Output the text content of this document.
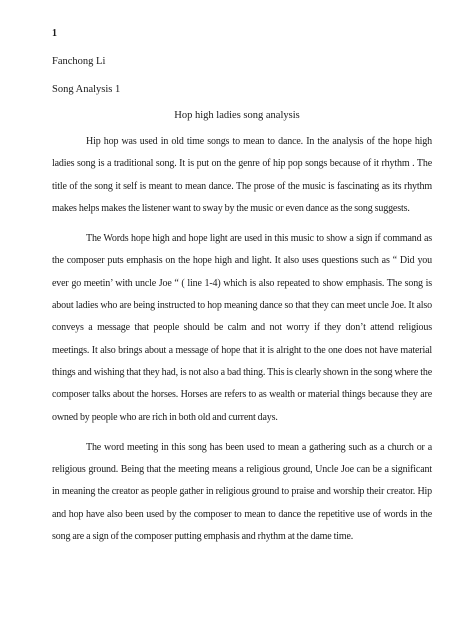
1
Fanchong Li
Song Analysis 1
Hop high ladies song analysis

Hip hop was used in old time songs to mean to dance. In the analysis of the hope high ladies song is a traditional song. It is put on the genre of hip pop songs because of it rhythm . The title of the song it self is meant to mean dance. The prose of the music is fascinating as its rhythm makes helps makes the listener want to sway by the music or even dance as the song suggests.

The Words hope high and hope light are used in this music to show a sign if command as the composer puts emphasis on the hope high and light. It also uses questions such as “ Did you ever go meetin’ with uncle Joe “ ( line 1-4) which is also repeated to show emphasis. The song is about ladies who are being instructed to hop meaning dance so that they can meet uncle Joe. It also conveys a message that people should be calm and not worry if they don’t attend religious meetings. It also brings about a message of hope that it is alright to the one does not have material things and wishing that they had, is not also a bad thing. This is clearly shown in the song where the composer talks about the horses. Horses are refers to as wealth or material things because they are owned by people who are rich in both old and current days.

The word meeting in this song has been used to mean a gathering such as a church or a religious ground. Being that the meeting means a religious ground, Uncle Joe can be a significant in meaning the creator as people gather in religious ground to praise and worship their creator. Hip and hop have also been used by the composer to mean to dance the repetitive use of words in the song are a sign of the composer putting emphasis and rhythm at the dame time.
